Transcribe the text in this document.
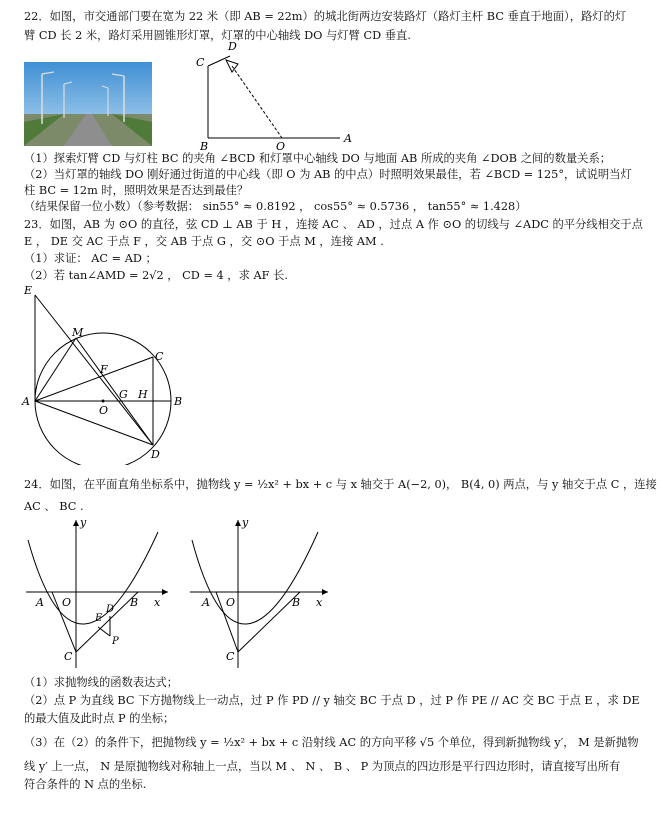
22．如图，市交通部门要在宽为 22 米（即 AB = 22m）的城北街两边安装路灯（路灯主杆 BC 垂直于地面），路灯的灯
臂 CD 长 2 米，路灯采用圆锥形灯罩，灯罩的中心轴线 DO 与灯臂 CD 垂直.
C
D
B	O
A
（1）探索灯臂 CD 与灯柱 BC 的夹角 ∠BCD 和灯罩中心轴线 DO 与地面 AB 所成的夹角 ∠DOB 之间的数量关系；
（2）当灯罩的轴线 DO 刚好通过街道的中心线（即 O 为 AB 的中点）时照明效果最佳，若 ∠BCD = 125°，试说明当灯
柱 BC = 12m 时，照明效果是否达到最佳？
（结果保留一位小数）（参考数据： sin55° ≈ 0.8192 ， cos55° ≈ 0.5736 ， tan55° ≈ 1.428）
23．如图，AB 为 ⊙O 的直径，弦 CD ⊥ AB 于 H ，连接 AC 、 AD ，过点 A 作 ⊙O 的切线与 ∠ADC 的平分线相交于点
E ， DE 交 AC 于点 F ，交 AB 于点 G ，交 ⊙O 于点 M ，连接 AM .
（1）求证： AC = AD ；
（2）若 tan∠AMD = 2√2 ， CD = 4 ，求 AF 长.
E
M
C
F
G H
A
O
B
D
24．如图，在平面直角坐标系中，抛物线 y = ½x² + bx + c 与 x 轴交于 A(−2, 0)， B(4, 0) 两点，与 y 轴交于点 C ，连接
AC 、 BC .
y
A O	B x
D
E
P
C
y
A O	B x
C
（1）求抛物线的函数表达式；
（2）点 P 为直线 BC 下方抛物线上一动点，过 P 作 PD // y 轴交 BC 于点 D ，过 P 作 PE // AC 交 BC 于点 E ，求 DE
的最大值及此时点 P 的坐标；
（3）在（2）的条件下，把抛物线 y = ½x² + bx + c 沿射线 AC 的方向平移 √5 个单位，得到新抛物线 y′， M 是新抛物
线 y′ 上一点， N 是原抛物线对称轴上一点，当以 M 、 N 、 B 、 P 为顶点的四边形是平行四边形时，请直接写出所有
符合条件的 N 点的坐标.
